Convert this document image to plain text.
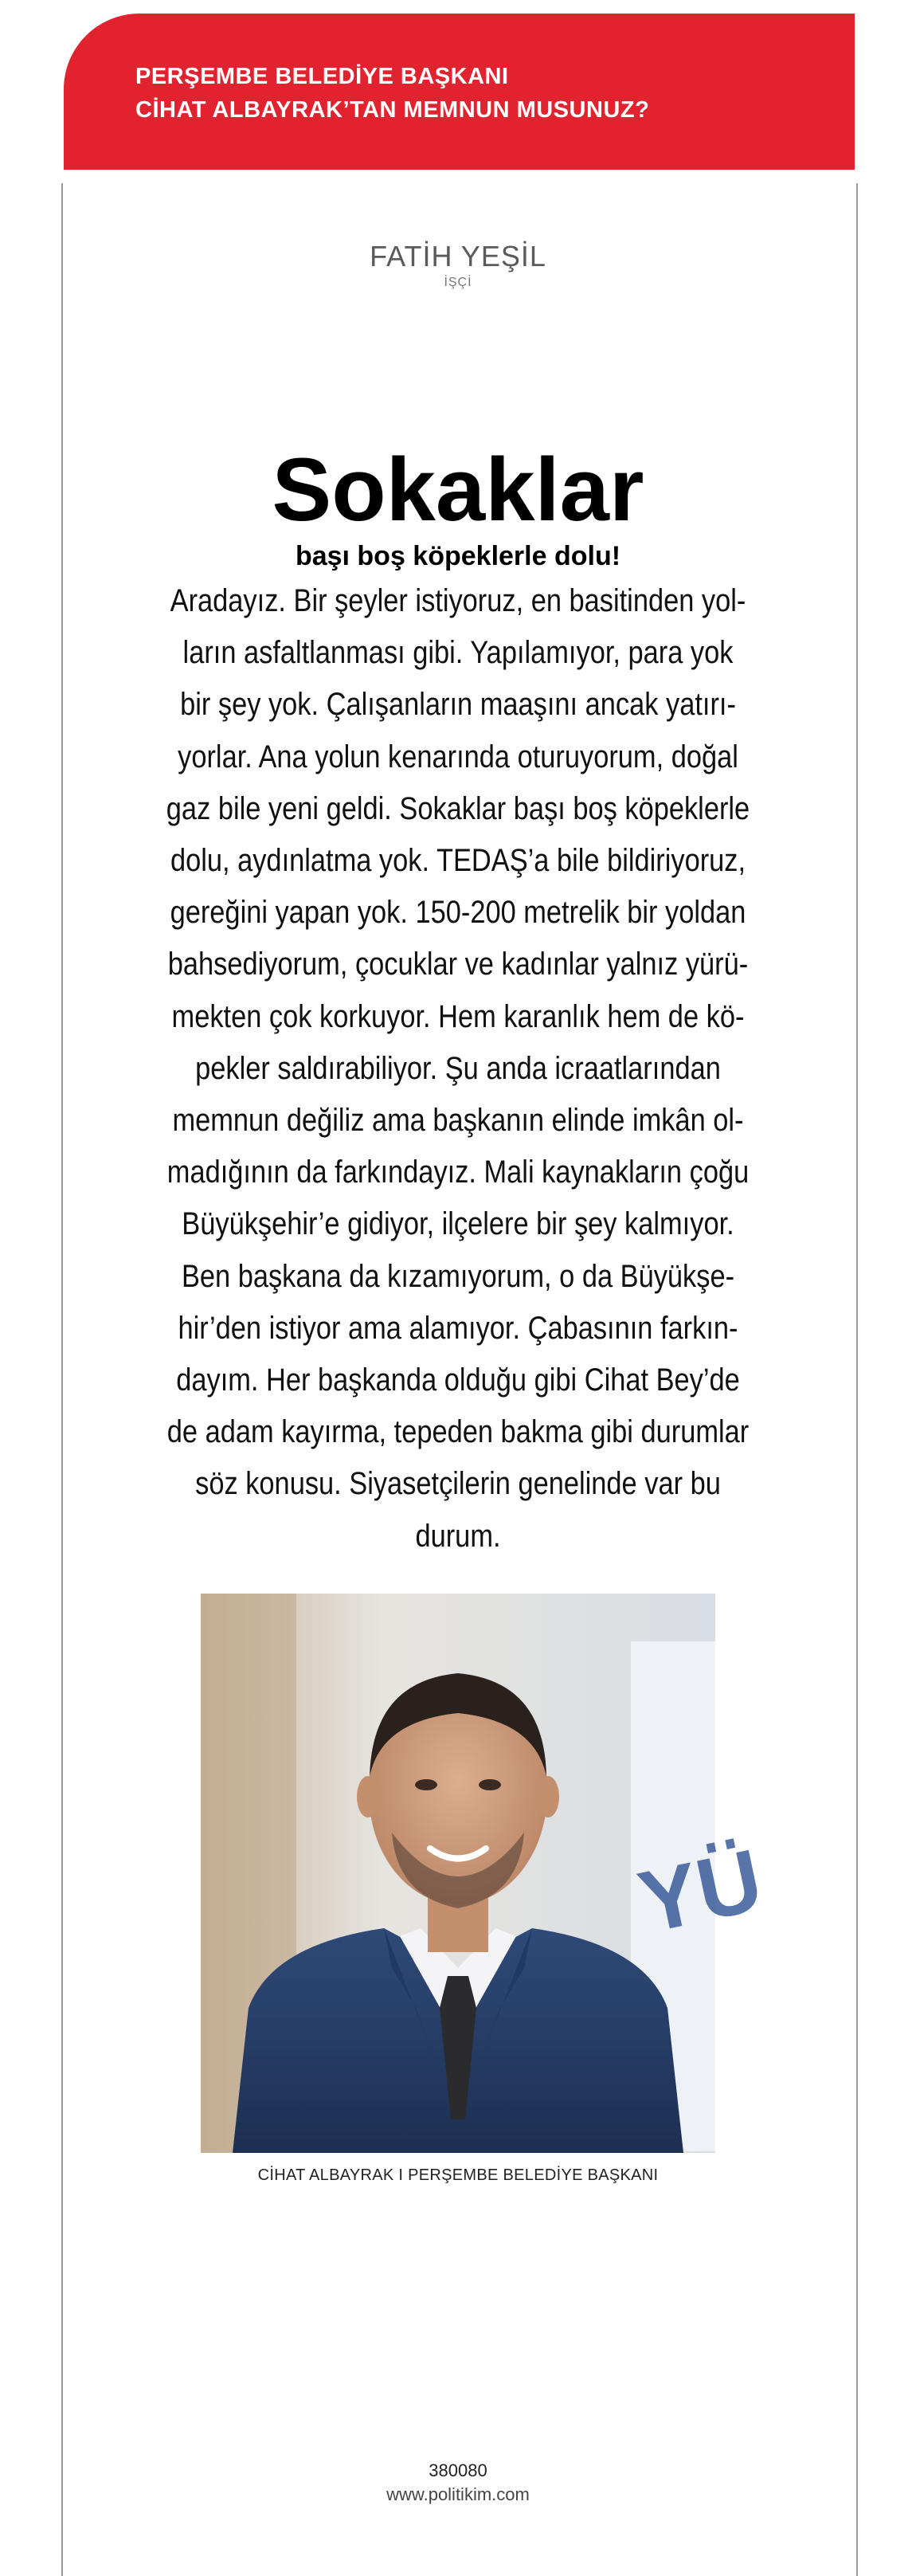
PERŞEMBE BELEDİYE BAŞKANI
CİHAT ALBAYRAK’TAN MEMNUN MUSUNUZ?
FATİH YEŞİL
İŞÇİ
Sokaklar
başı boş köpeklerle dolu!
Aradayız. Bir şeyler istiyoruz, en basitinden yol-
ların asfaltlanması gibi. Yapılamıyor, para yok
bir şey yok. Çalışanların maaşını ancak yatırı-
yorlar. Ana yolun kenarında oturuyorum, doğal
gaz bile yeni geldi. Sokaklar başı boş köpeklerle
dolu, aydınlatma yok. TEDAŞ’a bile bildiriyoruz,
gereğini yapan yok. 150-200 metrelik bir yoldan
bahsediyorum, çocuklar ve kadınlar yalnız yürü-
mekten çok korkuyor. Hem karanlık hem de kö-
pekler saldırabiliyor. Şu anda icraatlarından
memnun değiliz ama başkanın elinde imkân ol-
madığının da farkındayız. Mali kaynakların çoğu
Büyükşehir’e gidiyor, ilçelere bir şey kalmıyor.
Ben başkana da kızamıyorum, o da Büyükşe-
hir’den istiyor ama alamıyor. Çabasının farkın-
dayım. Her başkanda olduğu gibi Cihat Bey’de
de adam kayırma, tepeden bakma gibi durumlar
söz konusu. Siyasetçilerin genelinde var bu
durum.
YÜ
CİHAT ALBAYRAK I PERŞEMBE BELEDİYE BAŞKANI
380080
www.politikim.com
